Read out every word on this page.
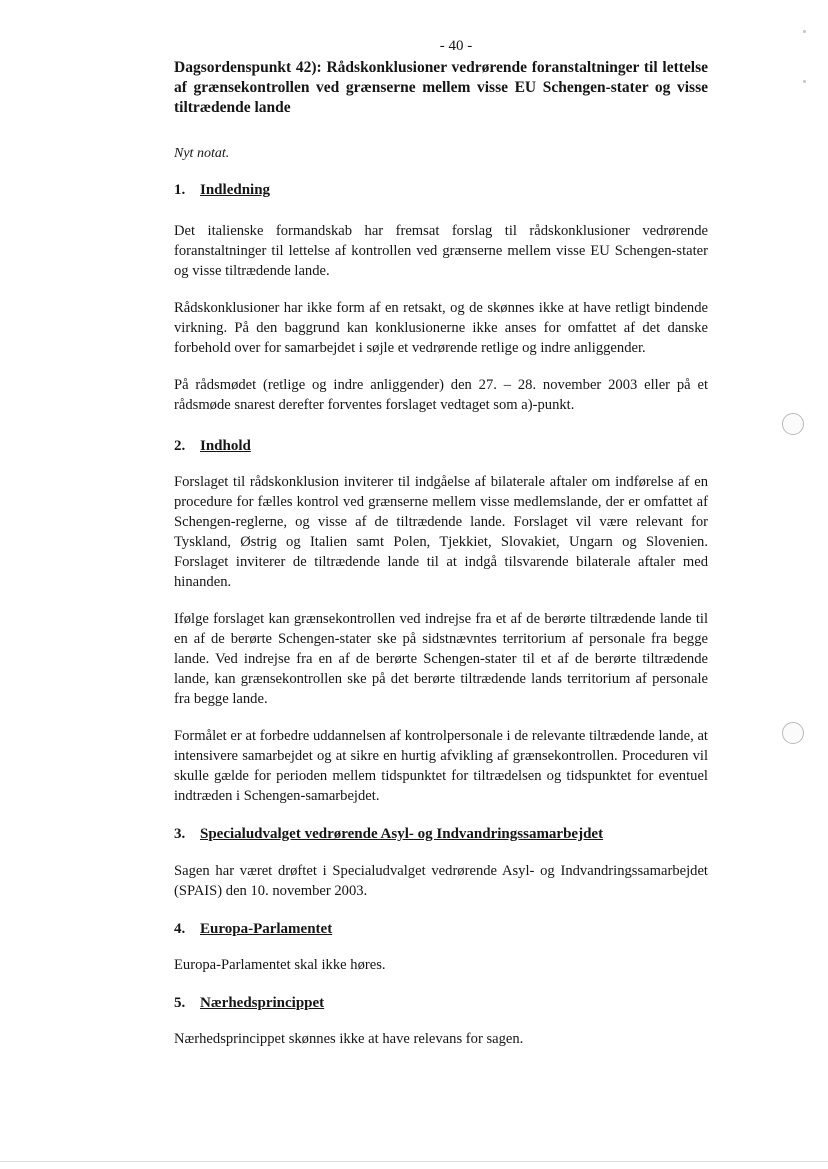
- 40 -

Dagsordenspunkt 42): Rådskonklusioner vedrørende foranstaltninger til lettelse af grænsekontrollen ved grænserne mellem visse EU Schengen-stater og visse tiltrædende lande

Nyt notat.

1. Indledning

Det italienske formandskab har fremsat forslag til rådskonklusioner vedrørende foranstaltninger til lettelse af kontrollen ved grænserne mellem visse EU Schengen-stater og visse tiltrædende lande.

Rådskonklusioner har ikke form af en retsakt, og de skønnes ikke at have retligt bindende virkning. På den baggrund kan konklusionerne ikke anses for omfattet af det danske forbehold over for samarbejdet i søjle et vedrørende retlige og indre anliggender.

På rådsmødet (retlige og indre anliggender) den 27. – 28. november 2003 eller på et rådsmøde snarest derefter forventes forslaget vedtaget som a)-punkt.

2. Indhold

Forslaget til rådskonklusion inviterer til indgåelse af bilaterale aftaler om indførelse af en procedure for fælles kontrol ved grænserne mellem visse medlemslande, der er omfattet af Schengen-reglerne, og visse af de tiltrædende lande. Forslaget vil være relevant for Tyskland, Østrig og Italien samt Polen, Tjekkiet, Slovakiet, Ungarn og Slovenien. Forslaget inviterer de tiltrædende lande til at indgå tilsvarende bilaterale aftaler med hinanden.

Ifølge forslaget kan grænsekontrollen ved indrejse fra et af de berørte tiltrædende lande til en af de berørte Schengen-stater ske på sidstnævntes territorium af personale fra begge lande. Ved indrejse fra en af de berørte Schengen-stater til et af de berørte tiltrædende lande, kan grænsekontrollen ske på det berørte tiltrædende lands territorium af personale fra begge lande.

Formålet er at forbedre uddannelsen af kontrolpersonale i de relevante tiltrædende lande, at intensivere samarbejdet og at sikre en hurtig afvikling af grænsekontrollen. Proceduren vil skulle gælde for perioden mellem tidspunktet for tiltrædelsen og tidspunktet for eventuel indtræden i Schengen-samarbejdet.

3. Specialudvalget vedrørende Asyl- og Indvandringssamarbejdet

Sagen har været drøftet i Specialudvalget vedrørende Asyl- og Indvandringssamarbejdet (SPAIS) den 10. november 2003.

4. Europa-Parlamentet

Europa-Parlamentet skal ikke høres.

5. Nærhedsprincippet

Nærhedsprincippet skønnes ikke at have relevans for sagen.
